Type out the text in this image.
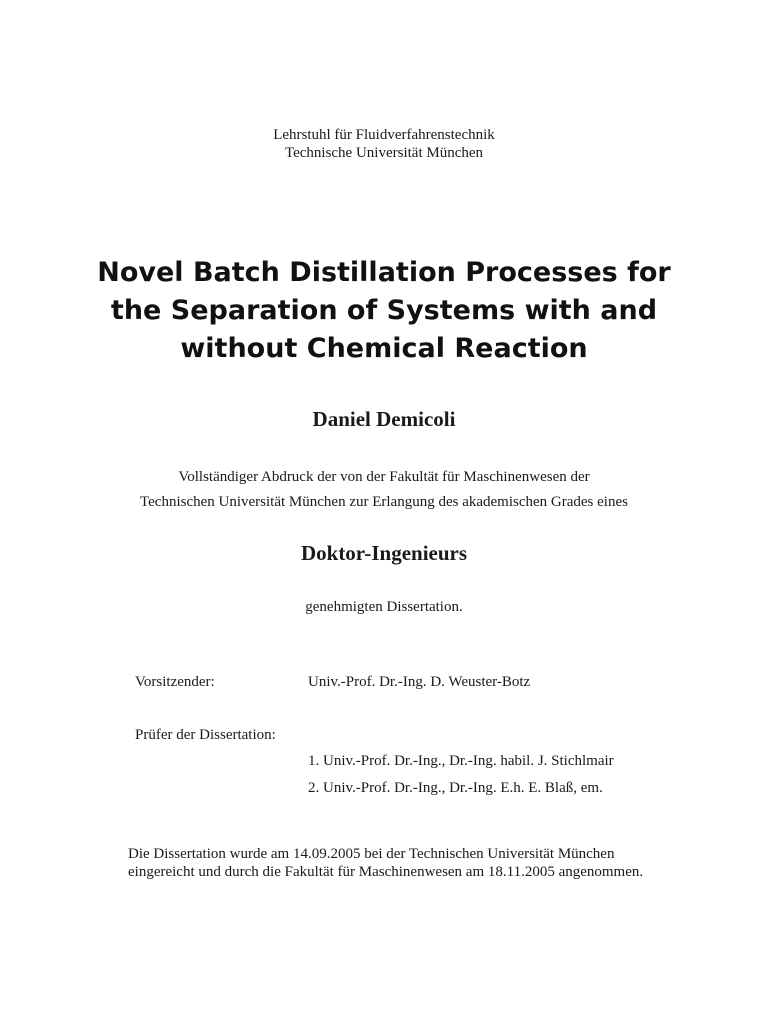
Lehrstuhl für Fluidverfahrenstechnik
Technische Universität München
Novel Batch Distillation Processes for
the Separation of Systems with and
without Chemical Reaction
Daniel Demicoli
Vollständiger Abdruck der von der Fakultät für Maschinenwesen der
Technischen Universität München zur Erlangung des akademischen Grades eines
Doktor-Ingenieurs
genehmigten Dissertation.
Vorsitzender:	Univ.-Prof. Dr.-Ing. D. Weuster-Botz
Prüfer der Dissertation:
1. Univ.-Prof. Dr.-Ing., Dr.-Ing. habil. J. Stichlmair
2. Univ.-Prof. Dr.-Ing., Dr.-Ing. E.h. E. Blaß, em.
Die Dissertation wurde am 14.09.2005 bei der Technischen Universität München
eingereicht und durch die Fakultät für Maschinenwesen am 18.11.2005 angenommen.
